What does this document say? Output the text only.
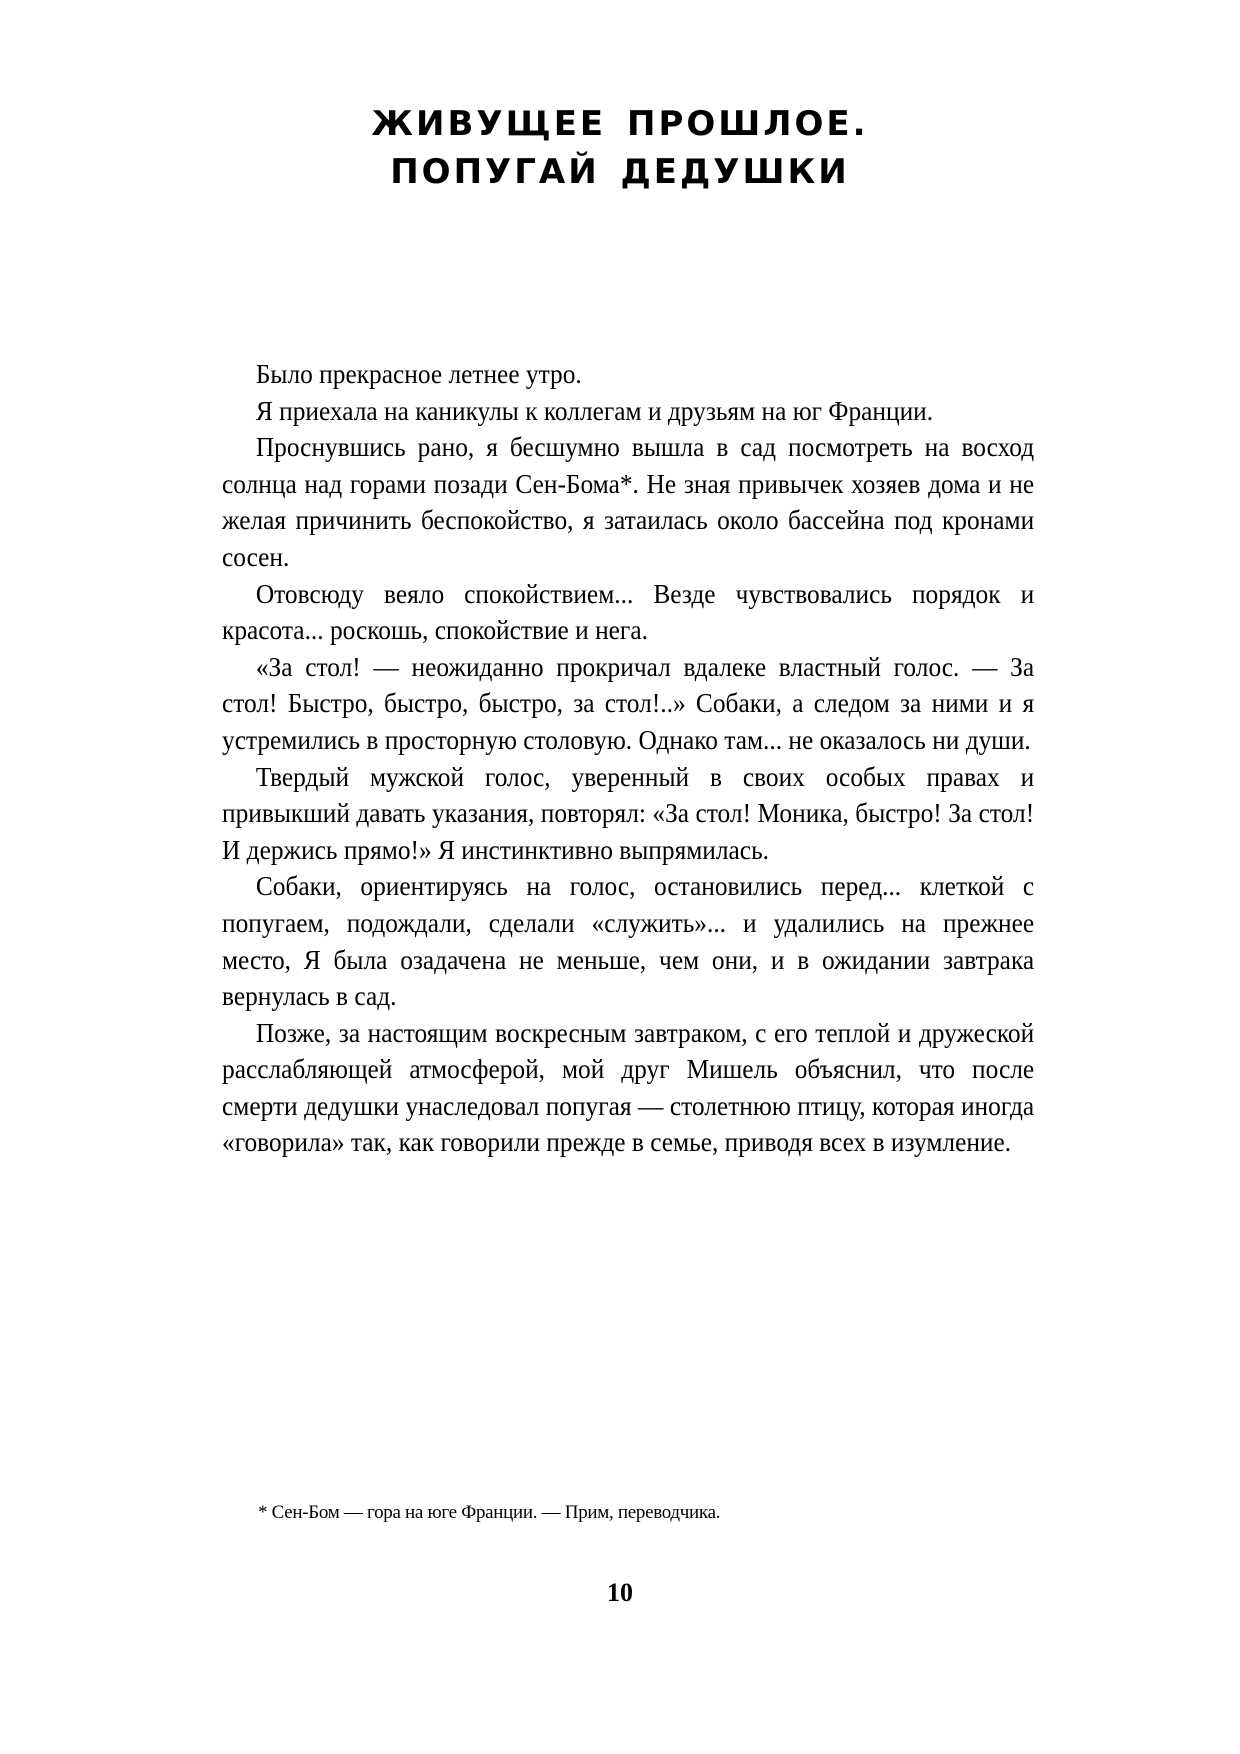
ЖИВУЩЕЕ ПРОШЛОЕ.
ПОПУГАЙ ДЕДУШКИ

Было прекрасное летнее утро.

Я приехала на каникулы к коллегам и друзьям на юг Франции.

Проснувшись рано, я бесшумно вышла в сад посмотреть на восход солнца над горами позади Сен-Бома*. Не зная привычек хозяев дома и не желая причинить беспокойство, я затаилась около бассейна под кронами сосен.

Отовсюду веяло спокойствием... Везде чувствовались порядок и красота... роскошь, спокойствие и нега.

«За стол! — неожиданно прокричал вдалеке властный голос. — За стол! Быстро, быстро, быстро, за стол!..» Собаки, а следом за ними и я устремились в просторную столовую. Однако там... не оказалось ни души.

Твердый мужской голос, уверенный в своих особых правах и привыкший давать указания, повторял: «За стол! Моника, быстро! За стол! И держись прямо!» Я инстинктивно выпрямилась.

Собаки, ориентируясь на голос, остановились перед... клеткой с попугаем, подождали, сделали «служить»... и удалились на прежнее место, Я была озадачена не меньше, чем они, и в ожидании завтрака вернулась в сад.

Позже, за настоящим воскресным завтраком, с его теплой и дружеской расслабляющей атмосферой, мой друг Мишель объяснил, что после смерти дедушки унаследовал попугая — столетнюю птицу, которая иногда «говорила» так, как говорили прежде в семье, приводя всех в изумление.

* Сен-Бом — гора на юге Франции. — Прим, переводчика.
10
